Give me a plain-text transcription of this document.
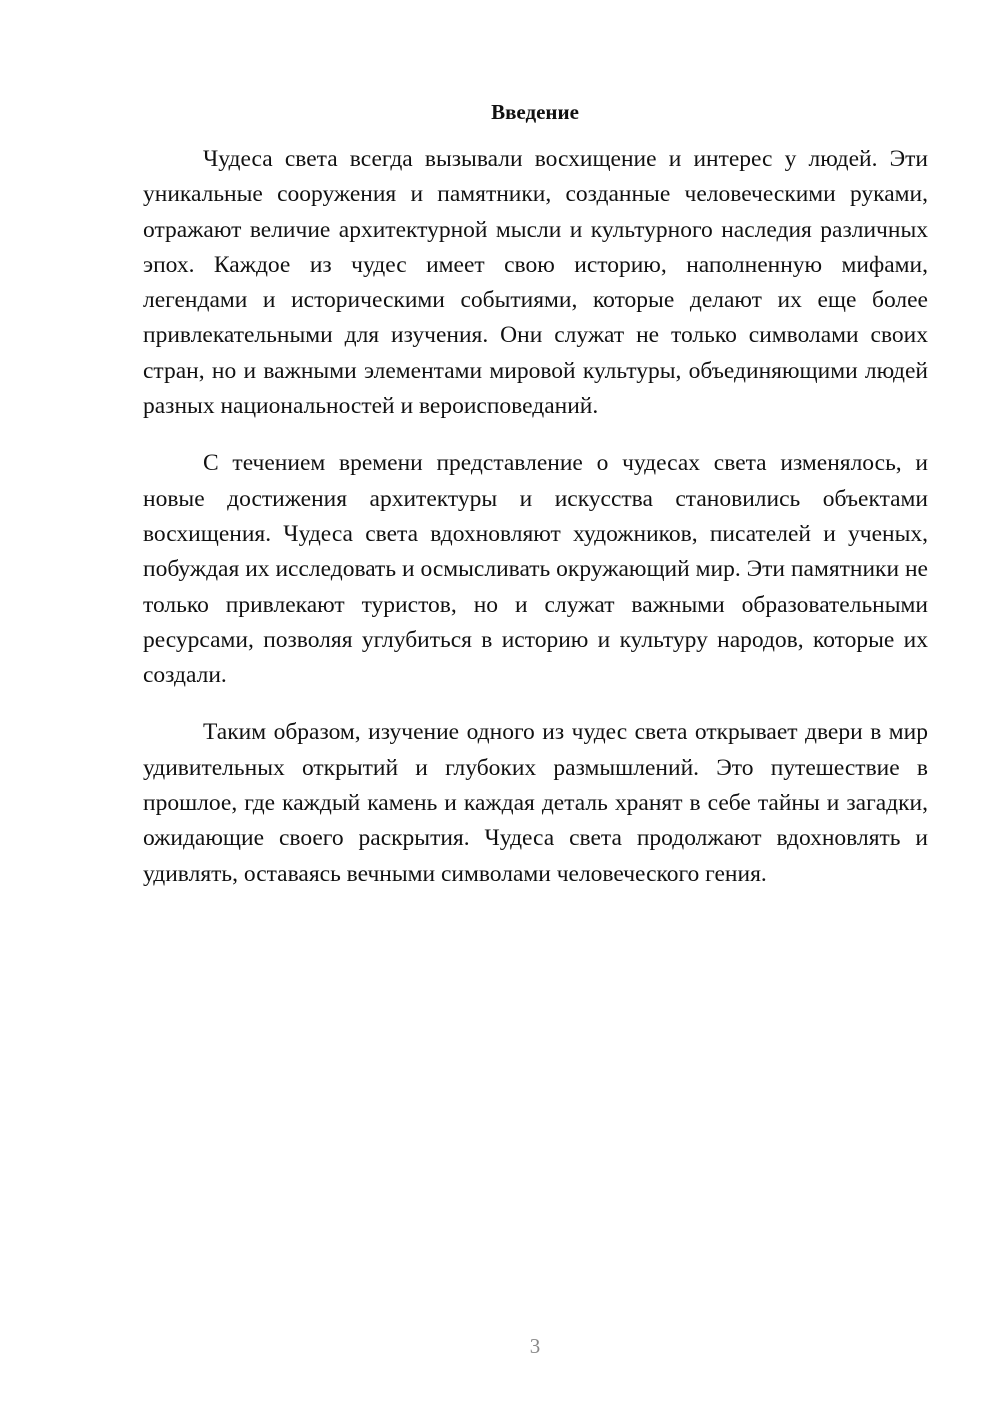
Введение

Чудеса света всегда вызывали восхищение и интерес у людей. Эти уникальные сооружения и памятники, созданные человеческими руками, отражают величие архитектурной мысли и культурного наследия различных эпох. Каждое из чудес имеет свою историю, наполненную мифами, легендами и историческими событиями, которые делают их еще более привлекательными для изучения. Они служат не только символами своих стран, но и важными элементами мировой культуры, объединяющими людей разных национальностей и вероисповеданий.

С течением времени представление о чудесах света изменялось, и новые достижения архитектуры и искусства становились объектами восхищения. Чудеса света вдохновляют художников, писателей и ученых, побуждая их исследовать и осмысливать окружающий мир. Эти памятники не только привлекают туристов, но и служат важными образовательными ресурсами, позволяя углубиться в историю и культуру народов, которые их создали.

Таким образом, изучение одного из чудес света открывает двери в мир удивительных открытий и глубоких размышлений. Это путешествие в прошлое, где каждый камень и каждая деталь хранят в себе тайны и загадки, ожидающие своего раскрытия. Чудеса света продолжают вдохновлять и удивлять, оставаясь вечными символами человеческого гения.

3
